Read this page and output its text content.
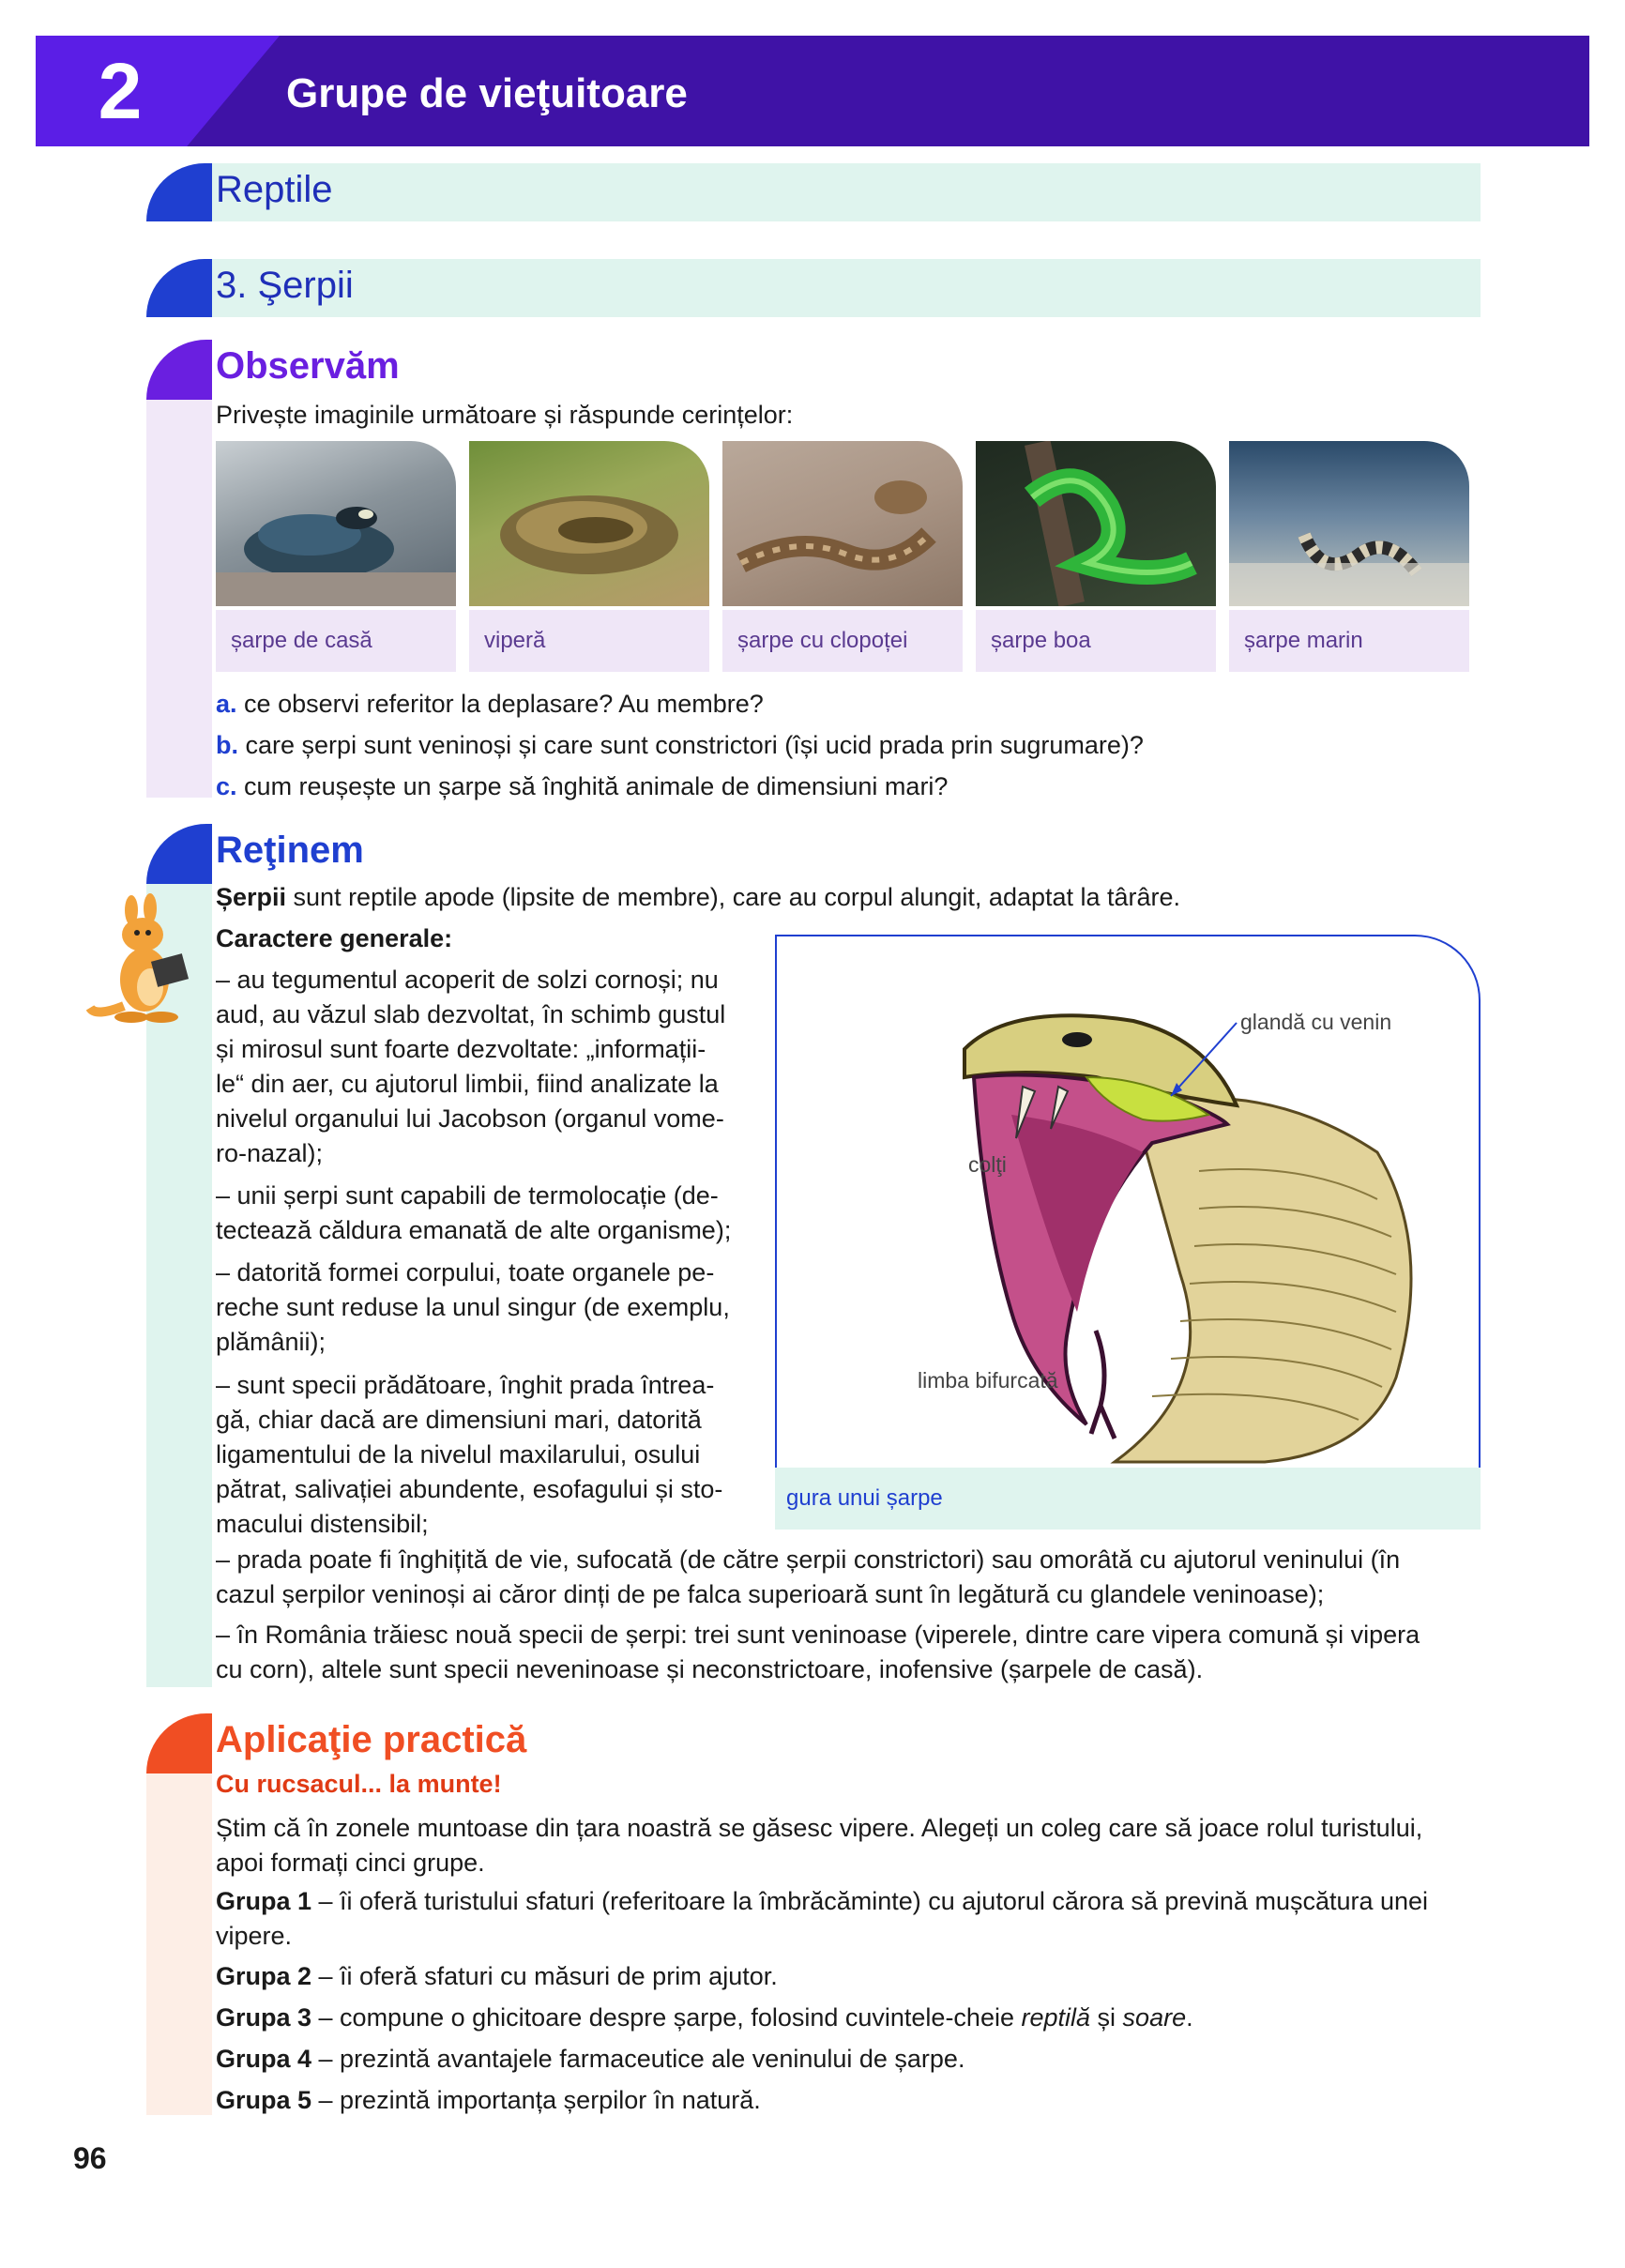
2	Grupe de vieţuitoare
Reptile
3. Şerpii
Observăm
Privește imaginile următoare și răspunde cerințelor:
șarpe de casă	viperă	șarpe cu clopoței	șarpe boa	șarpe marin
a. ce observi referitor la deplasare? Au membre?
b. care șerpi sunt veninoși și care sunt constrictori (își ucid prada prin sugrumare)?
c. cum reușește un șarpe să înghită animale de dimensiuni mari?
Reţinem
Șerpii sunt reptile apode (lipsite de membre), care au corpul alungit, adaptat la târâre.
Caractere generale:
– au tegumentul acoperit de solzi cornoși; nu
aud, au văzul slab dezvoltat, în schimb gustul
și mirosul sunt foarte dezvoltate: „informații-
le“ din aer, cu ajutorul limbii, fiind analizate la
nivelul organului lui Jacobson (organul vome-
ro-nazal);
– unii șerpi sunt capabili de termolocație (de-
tectează căldura emanată de alte organisme);
– datorită formei corpului, toate organele pe-
reche sunt reduse la unul singur (de exemplu,
plămânii);
– sunt specii prădătoare, înghit prada întrea-
gă, chiar dacă are dimensiuni mari, datorită
ligamentului de la nivelul maxilarului, osului
pătrat, salivației abundente, esofagului și sto-
macului distensibil;
glandă cu venin
colţi
limba bifurcată
gura unui șarpe
– prada poate fi înghițită de vie, sufocată (de către șerpii constrictori) sau omorâtă cu ajutorul veninului (în
cazul șerpilor veninoși ai căror dinți de pe falca superioară sunt în legătură cu glandele veninoase);
– în România trăiesc nouă specii de șerpi: trei sunt veninoase (viperele, dintre care vipera comună și vipera
cu corn), altele sunt specii neveninoase și neconstrictoare, inofensive (șarpele de casă).
Aplicaţie practică
Cu rucsacul... la munte!
Știm că în zonele muntoase din țara noastră se găsesc vipere. Alegeți un coleg care să joace rolul turistului,
apoi formați cinci grupe.
Grupa 1 – îi oferă turistului sfaturi (referitoare la îmbrăcăminte) cu ajutorul cărora să prevină mușcătura unei
vipere.
Grupa 2 – îi oferă sfaturi cu măsuri de prim ajutor.
Grupa 3 – compune o ghicitoare despre șarpe, folosind cuvintele-cheie reptilă și soare.
Grupa 4 – prezintă avantajele farmaceutice ale veninului de șarpe.
Grupa 5 – prezintă importanța șerpilor în natură.
96
